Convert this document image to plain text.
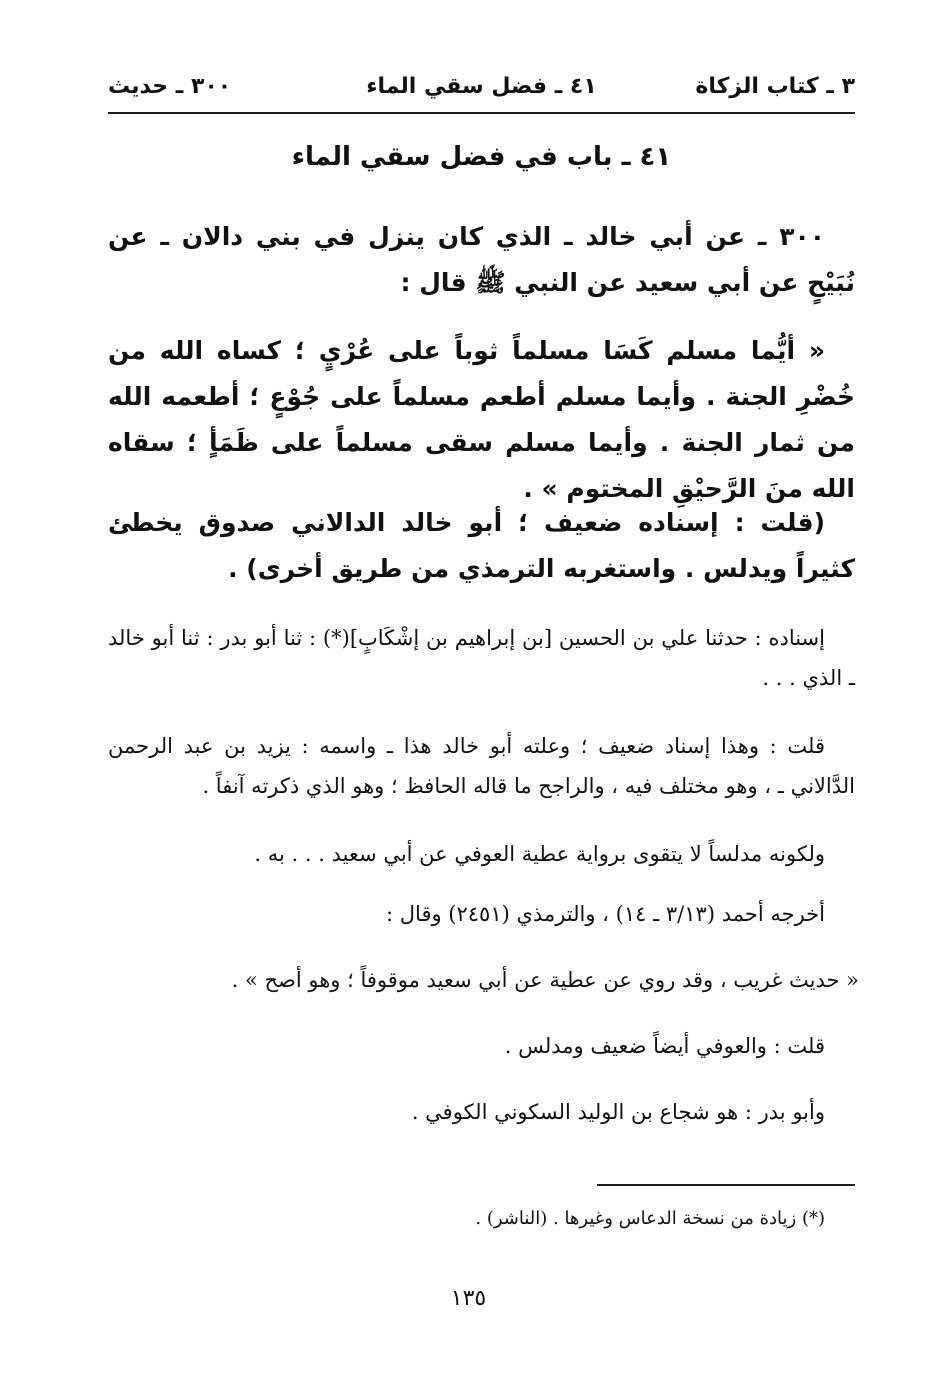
٣ ـ كتاب الزكاة
٤١ ـ فضل سقي الماء
٣٠٠ ـ حديث
٤١ ـ باب في فضل سقي الماء
٣٠٠ ـ عن أبي خالد ـ الذي كان ينزل في بني دالان ـ عن نُبَيْحٍ عن أبي سعيد عن النبي ﷺ قال :
« أيُّما مسلم كَسَا مسلماً ثوباً على عُرْيٍ ؛ كساه الله من خُضْرِ الجنة . وأيما مسلم أطعم مسلماً على جُوْعٍ ؛ أطعمه الله من ثمار الجنة . وأيما مسلم سقى مسلماً على ظَمَأٍ ؛ سقاه الله منَ الرَّحيْقِ المختوم » .
(قلت : إسناده ضعيف ؛ أبو خالد الدالاني صدوق يخطئ كثيراً ويدلس . واستغربه الترمذي من طريق أخرى) .
إسناده : حدثنا علي بن الحسين [بن إبراهيم بن إشْكَابٍ](*) : ثنا أبو بدر : ثنا أبو خالد ـ الذي . . .
قلت : وهذا إسناد ضعيف ؛ وعلته أبو خالد هذا ـ واسمه : يزيد بن عبد الرحمن الدَّالاني ـ ، وهو مختلف فيه ، والراجح ما قاله الحافظ ؛ وهو الذي ذكرته آنفاً .
ولكونه مدلساً لا يتقوى برواية عطية العوفي عن أبي سعيد . . . به .
أخرجه أحمد (٣/١٣ ـ ١٤) ، والترمذي (٢٤٥١) وقال :
« حديث غريب ، وقد روي عن عطية عن أبي سعيد موقوفاً ؛ وهو أصح » .
قلت : والعوفي أيضاً ضعيف ومدلس .
وأبو بدر : هو شجاع بن الوليد السكوني الكوفي .
(*) زيادة من نسخة الدعاس وغيرها . (الناشر) .
١٣٥
